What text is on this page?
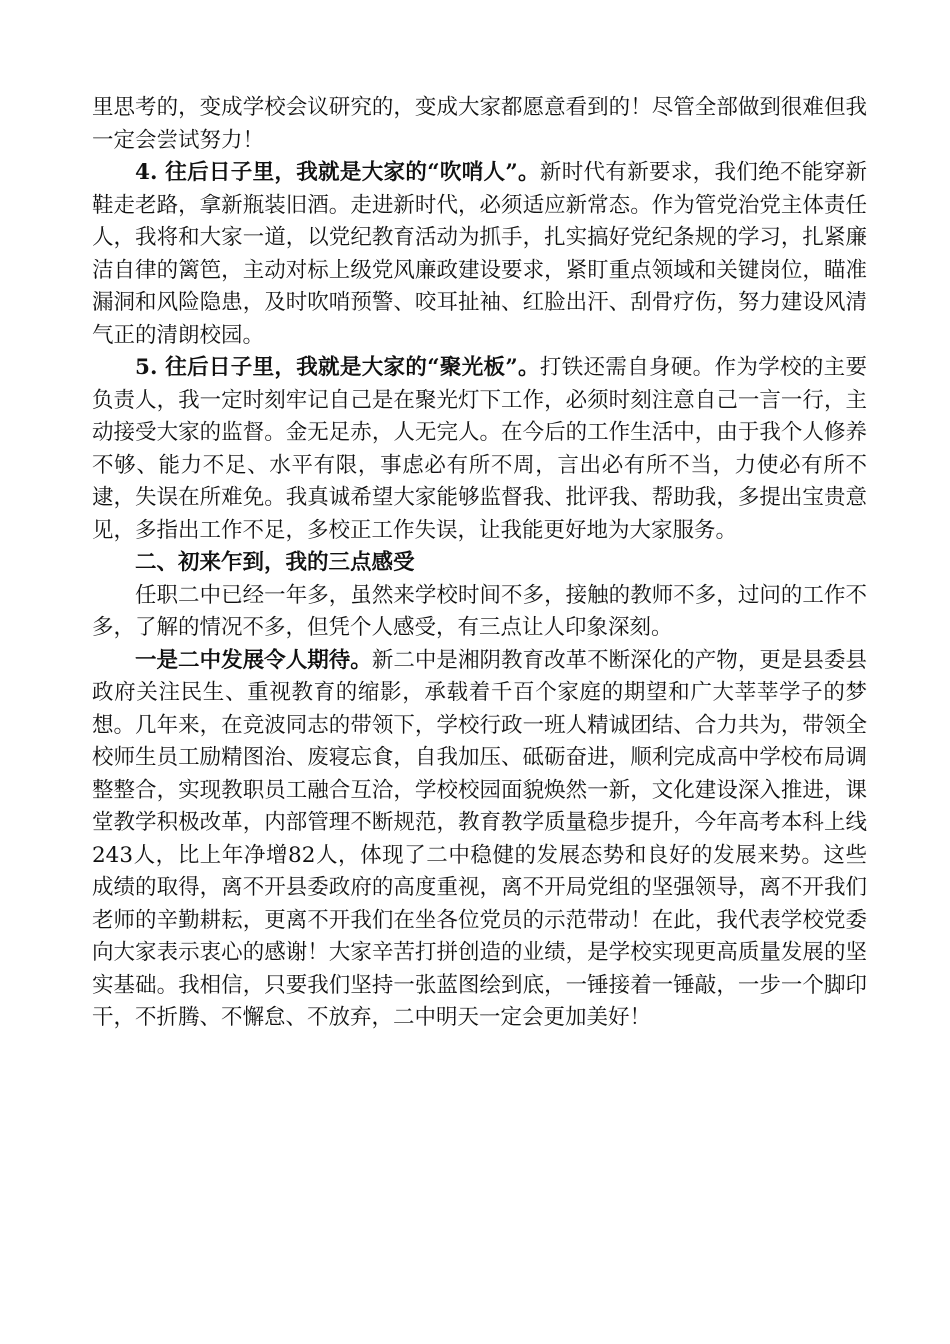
里思考的，变成学校会议研究的，变成大家都愿意看到的！尽管全部做到很难但我一定会尝试努力！

4. 往后日子里，我就是大家的“吹哨人”。新时代有新要求，我们绝不能穿新鞋走老路，拿新瓶装旧酒。走进新时代，必须适应新常态。作为管党治党主体责任人，我将和大家一道，以党纪教育活动为抓手，扎实搞好党纪条规的学习，扎紧廉洁自律的篱笆，主动对标上级党风廉政建设要求，紧盯重点领域和关键岗位，瞄准漏洞和风险隐患，及时吹哨预警、咬耳扯袖、红脸出汗、刮骨疗伤，努力建设风清气正的清朗校园。

5. 往后日子里，我就是大家的“聚光板”。打铁还需自身硬。作为学校的主要负责人，我一定时刻牢记自己是在聚光灯下工作，必须时刻注意自己一言一行，主动接受大家的监督。金无足赤，人无完人。在今后的工作生活中，由于我个人修养不够、能力不足、水平有限，事虑必有所不周，言出必有所不当，力使必有所不逮，失误在所难免。我真诚希望大家能够监督我、批评我、帮助我，多提出宝贵意见，多指出工作不足，多校正工作失误，让我能更好地为大家服务。

二、初来乍到，我的三点感受

任职二中已经一年多，虽然来学校时间不多，接触的教师不多，过问的工作不多，了解的情况不多，但凭个人感受，有三点让人印象深刻。

一是二中发展令人期待。新二中是湘阴教育改革不断深化的产物，更是县委县政府关注民生、重视教育的缩影，承载着千百个家庭的期望和广大莘莘学子的梦想。几年来，在竞波同志的带领下，学校行政一班人精诚团结、合力共为，带领全校师生员工励精图治、废寝忘食，自我加压、砥砺奋进，顺利完成高中学校布局调整整合，实现教职员工融合互洽，学校校园面貌焕然一新，文化建设深入推进，课堂教学积极改革，内部管理不断规范，教育教学质量稳步提升，今年高考本科上线243人，比上年净增82人，体现了二中稳健的发展态势和良好的发展来势。这些成绩的取得，离不开县委政府的高度重视，离不开局党组的坚强领导，离不开我们老师的辛勤耕耘，更离不开我们在坐各位党员的示范带动！在此，我代表学校党委向大家表示衷心的感谢！大家辛苦打拼创造的业绩，是学校实现更高质量发展的坚实基础。我相信，只要我们坚持一张蓝图绘到底，一锤接着一锤敲，一步一个脚印干，不折腾、不懈怠、不放弃，二中明天一定会更加美好！
